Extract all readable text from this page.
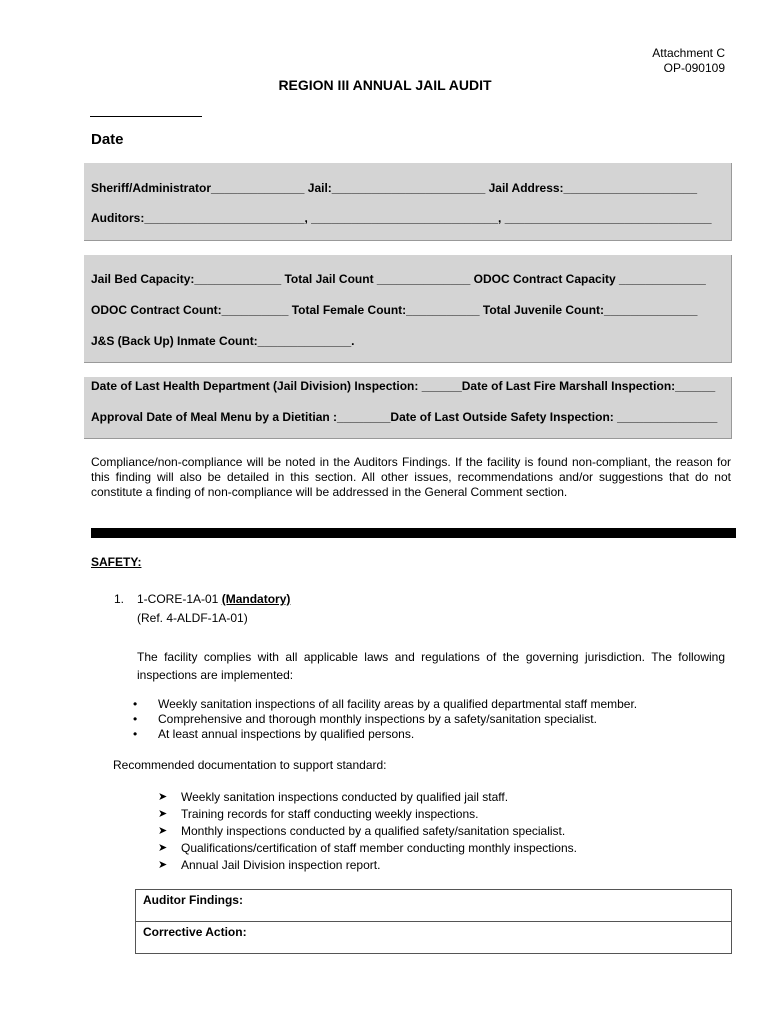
Attachment C
OP-090109
REGION III ANNUAL JAIL AUDIT
Date
Sheriff/Administrator______________ Jail:_______________________ Jail Address:____________________
Auditors:________________________, ____________________________, _______________________________
Jail Bed Capacity:_____________ Total Jail Count ______________ ODOC Contract Capacity _____________
ODOC Contract Count:__________ Total Female Count:___________ Total Juvenile Count:______________
J&S (Back Up) Inmate Count:______________.
Date of Last Health Department (Jail Division) Inspection: ______Date of Last Fire Marshall Inspection:______
Approval Date of Meal Menu by a Dietitian :________Date of Last Outside Safety Inspection: _______________
Compliance/non-compliance will be noted in the Auditors Findings. If the facility is found non-compliant, the reason for this finding will also be detailed in this section. All other issues, recommendations and/or suggestions that do not constitute a finding of non-compliance will be addressed in the General Comment section.
SAFETY:
1. 1-CORE-1A-01 (Mandatory)
(Ref. 4-ALDF-1A-01)
The facility complies with all applicable laws and regulations of the governing jurisdiction. The following inspections are implemented:
• Weekly sanitation inspections of all facility areas by a qualified departmental staff member.
• Comprehensive and thorough monthly inspections by a safety/sanitation specialist.
• At least annual inspections by qualified persons.
Recommended documentation to support standard:
➤ Weekly sanitation inspections conducted by qualified jail staff.
➤ Training records for staff conducting weekly inspections.
➤ Monthly inspections conducted by a qualified safety/sanitation specialist.
➤ Qualifications/certification of staff member conducting monthly inspections.
➤ Annual Jail Division inspection report.
Auditor Findings:
Corrective Action:
